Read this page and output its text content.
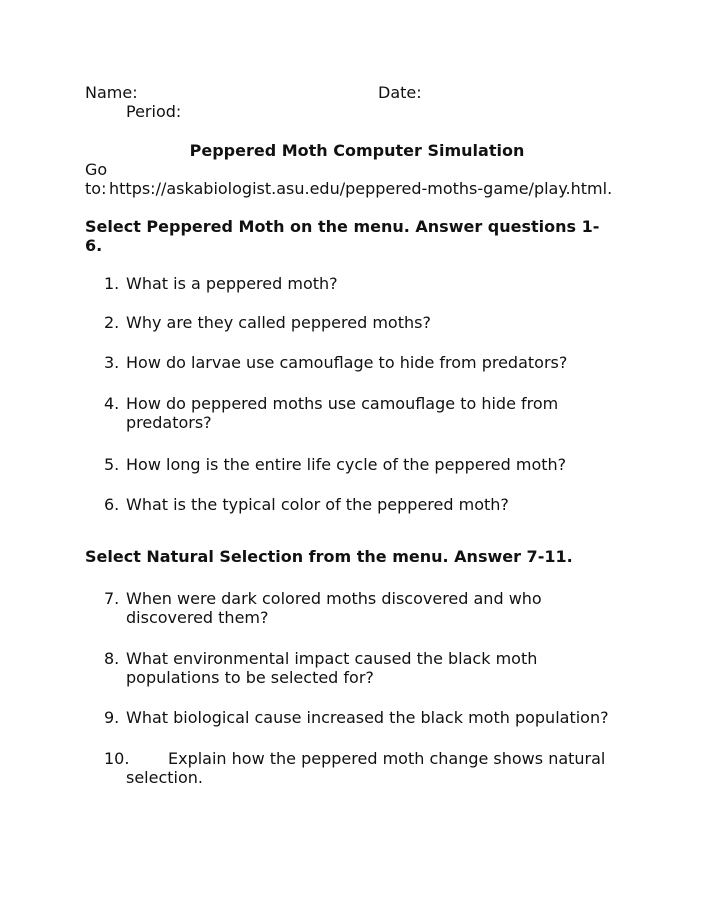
Name:	Date:
Period:
Peppered Moth Computer Simulation
Go
to: https://askabiologist.asu.edu/peppered-moths-game/play.html.
Select Peppered Moth on the menu. Answer questions 1-
6.
1. What is a peppered moth?
2. Why are they called peppered moths?
3. How do larvae use camouflage to hide from predators?
4. How do peppered moths use camouflage to hide from
predators?
5. How long is the entire life cycle of the peppered moth?
6. What is the typical color of the peppered moth?
Select Natural Selection from the menu. Answer 7-11.
7. When were dark colored moths discovered and who
discovered them?
8. What environmental impact caused the black moth
populations to be selected for?
9. What biological cause increased the black moth population?
10. Explain how the peppered moth change shows natural
selection.
